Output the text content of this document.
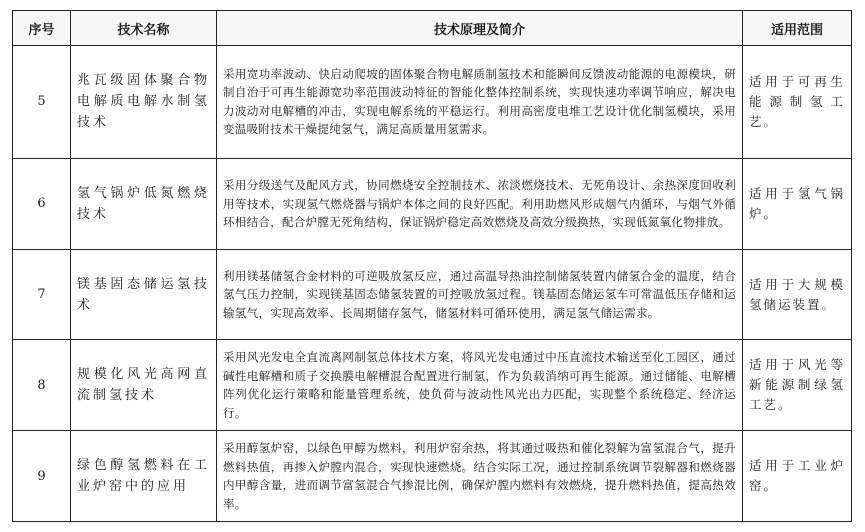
序号	技术名称	技术原理及简介	适用范围
5	兆瓦级固体聚合物电解质电解水制氢技术	采用宽功率波动、快启动爬坡的固体聚合物电解质制氢技术和能瞬间反馈波动能源的电源模块，研制自治于可再生能源宽功率范围波动特征的智能化整体控制系统，实现快速功率调节响应，解决电力波动对电解槽的冲击，实现电解系统的平稳运行。利用高密度电堆工艺设计优化制氢模块，采用变温吸附技术干燥提纯氢气，满足高质量用氢需求。	适用于可再生能源制氢工艺。
6	氢气锅炉低氮燃烧技术	采用分级送气及配风方式，协同燃烧安全控制技术、浓淡燃烧技术、无死角设计、余热深度回收利用等技术，实现氢气燃烧器与锅炉本体之间的良好匹配。利用助燃风形成烟气内循环，与烟气外循环相结合，配合炉膛无死角结构，保证锅炉稳定高效燃烧及高效分级换热，实现低氮氧化物排放。	适用于氢气锅炉。
7	镁基固态储运氢技术	利用镁基储氢合金材料的可逆吸放氢反应，通过高温导热油控制储氢装置内储氢合金的温度，结合氢气压力控制，实现镁基固态储氢装置的可控吸放氢过程。镁基固态储运氢车可常温低压存储和运输氢气，实现高效率、长周期储存氢气，储氢材料可循环使用，满足氢气储运需求。	适用于大规模氢储运装置。
8	规模化风光高网直流制氢技术	采用风光发电全直流离网制氢总体技术方案，将风光发电通过中压直流技术输送至化工园区，通过碱性电解槽和质子交换膜电解槽混合配置进行制氢，作为负载消纳可再生能源。通过储能、电解槽阵列优化运行策略和能量管理系统，使负荷与波动性风光出力匹配，实现整个系统稳定、经济运行。	适用于风光等新能源制绿氢工艺。
9	绿色醇氢燃料在工业炉窑中的应用	采用醇氢炉窑，以绿色甲醇为燃料，利用炉窑余热，将其通过吸热和催化裂解为富氢混合气，提升燃料热值，再掺入炉膛内混合，实现快速燃烧。结合实际工况，通过控制系统调节裂解器和燃烧器内甲醇含量，进而调节富氢混合气掺混比例，确保炉膛内燃料有效燃烧，提升燃料热值，提高热效率。	适用于工业炉窑。
